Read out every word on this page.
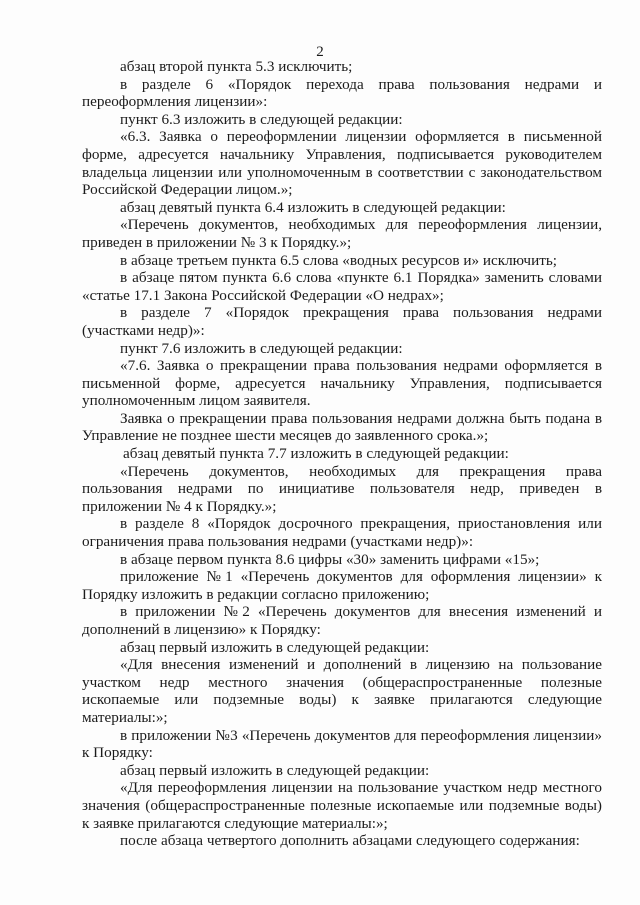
2

абзац второй пункта 5.3 исключить;

в разделе 6 «Порядок перехода права пользования недрами и переоформления лицензии»:

пункт 6.3 изложить в следующей редакции:

«6.3. Заявка о переоформлении лицензии оформляется в письменной форме, адресуется начальнику Управления, подписывается руководителем владельца лицензии или уполномоченным в соответствии с законодательством Российской Федерации лицом.»;

абзац девятый пункта 6.4 изложить в следующей редакции:

«Перечень документов, необходимых для переоформления лицензии, приведен в приложении № 3 к Порядку.»;

в абзаце третьем пункта 6.5 слова «водных ресурсов и» исключить;

в абзаце пятом пункта 6.6 слова «пункте 6.1 Порядка» заменить словами «статье 17.1 Закона Российской Федерации «О недрах»;

в разделе 7 «Порядок прекращения права пользования недрами (участками недр)»:

пункт 7.6 изложить в следующей редакции:

«7.6. Заявка о прекращении права пользования недрами оформляется в письменной форме, адресуется начальнику Управления, подписывается уполномоченным лицом заявителя.

Заявка о прекращении права пользования недрами должна быть подана в Управление не позднее шести месяцев до заявленного срока.»;

абзац девятый пункта 7.7 изложить в следующей редакции:

«Перечень документов, необходимых для прекращения права пользования недрами по инициативе пользователя недр, приведен в приложении № 4 к Порядку.»;

в разделе 8 «Порядок досрочного прекращения, приостановления или ограничения права пользования недрами (участками недр)»:

в абзаце первом пункта 8.6 цифры «30» заменить цифрами «15»;

приложение №1 «Перечень документов для оформления лицензии» к Порядку изложить в редакции согласно приложению;

в приложении №2 «Перечень документов для внесения изменений и дополнений в лицензию» к Порядку:

абзац первый изложить в следующей редакции:

«Для внесения изменений и дополнений в лицензию на пользование участком недр местного значения (общераспространенные полезные ископаемые или подземные воды) к заявке прилагаются следующие материалы:»;

в приложении №3 «Перечень документов для переоформления лицензии» к Порядку:

абзац первый изложить в следующей редакции:

«Для переоформления лицензии на пользование участком недр местного значения (общераспространенные полезные ископаемые или подземные воды) к заявке прилагаются следующие материалы:»;

после абзаца четвертого дополнить абзацами следующего содержания:
